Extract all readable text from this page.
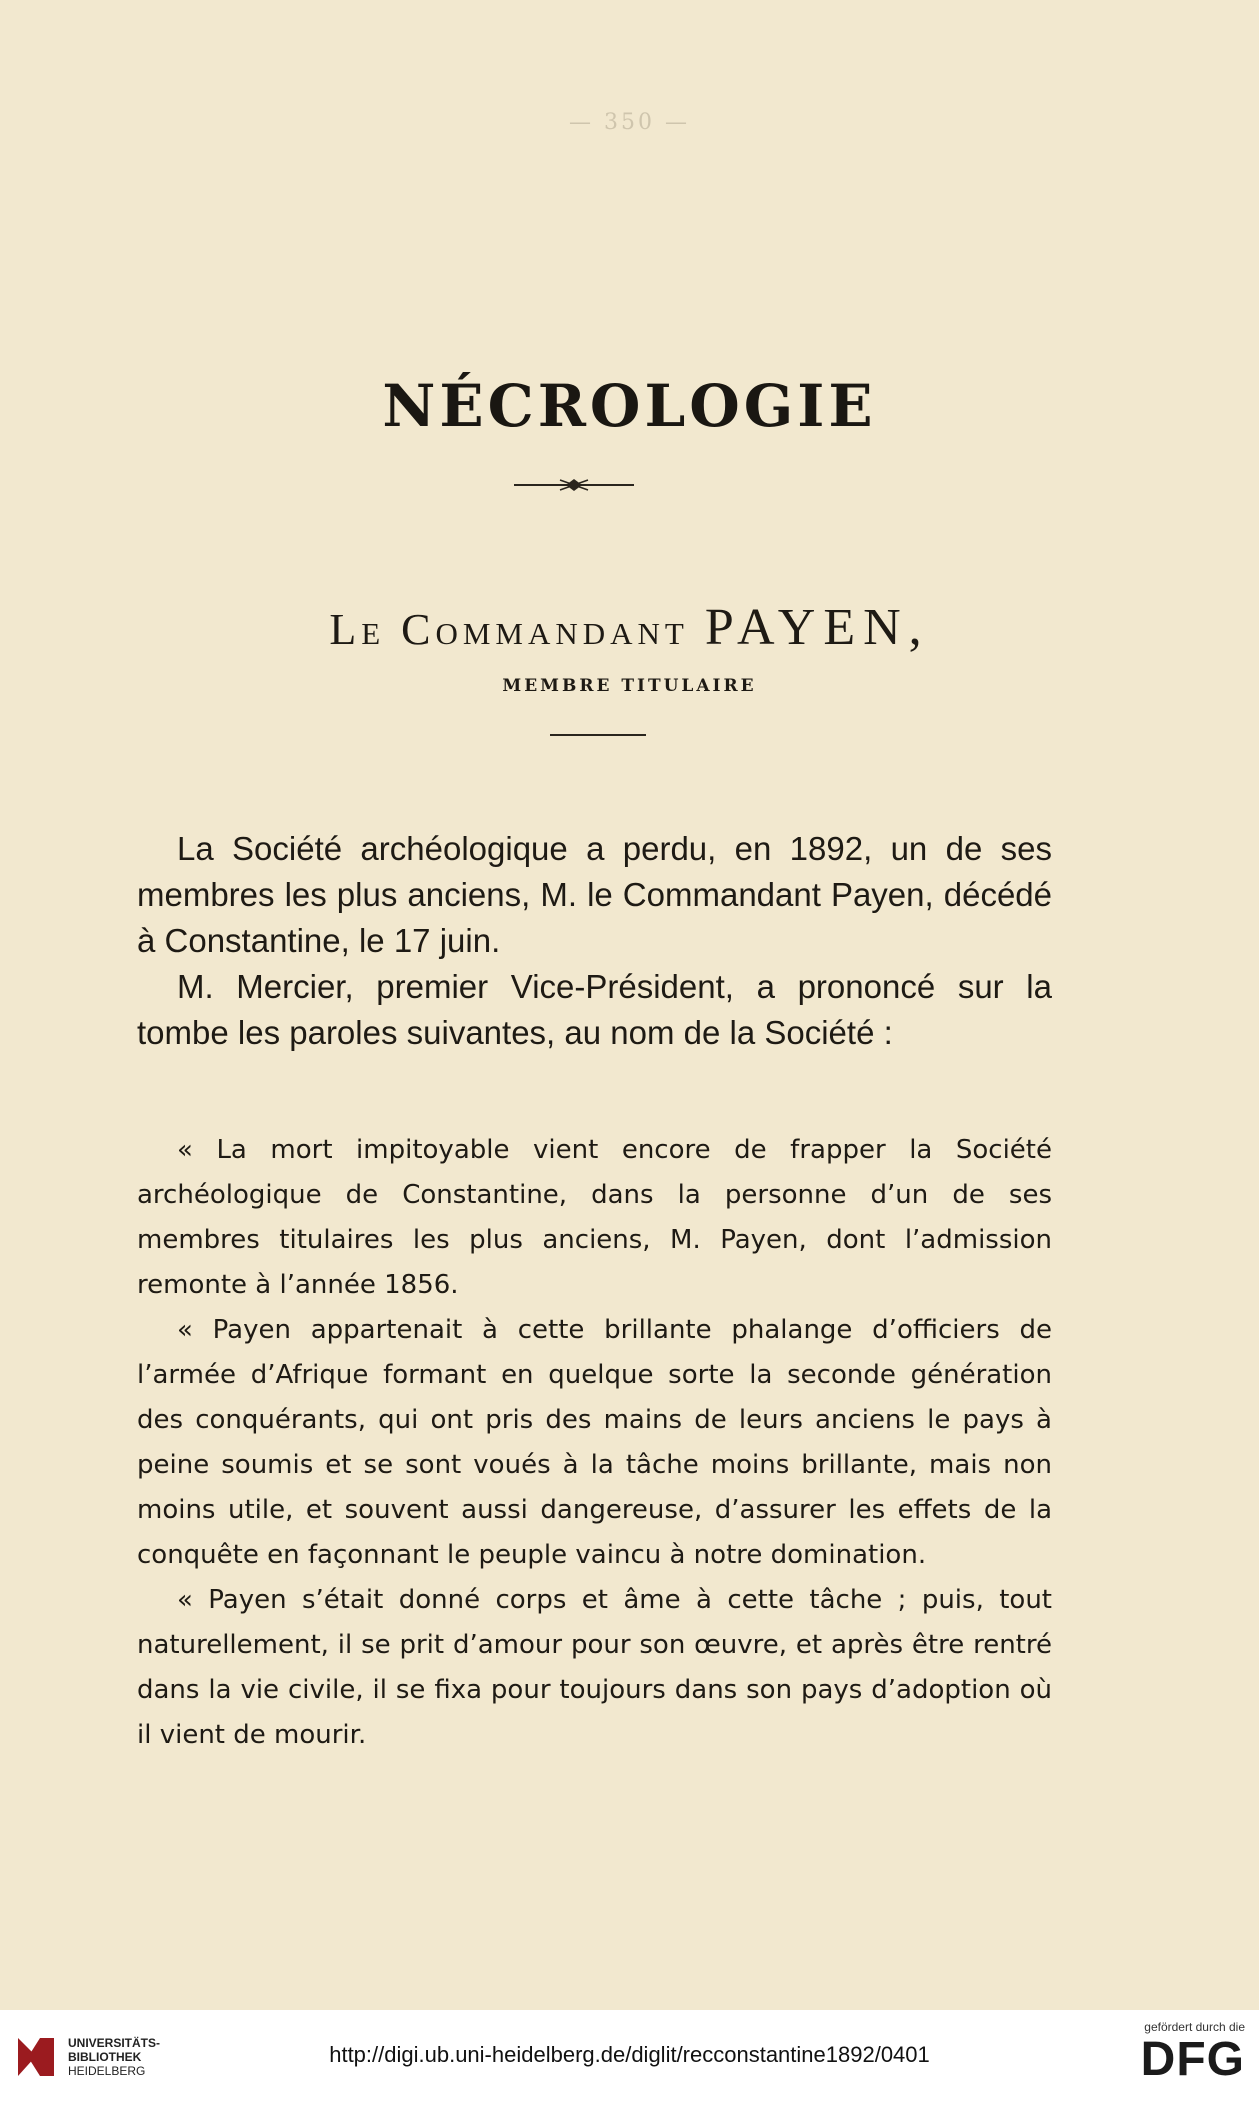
— 350 —
NÉCROLOGIE
Le Commandant PAYEN,
MEMBRE TITULAIRE

La Société archéologique a perdu, en 1892, un de ses membres les plus anciens, M. le Commandant Payen, décédé à Constantine, le 17 juin.

M. Mercier, premier Vice-Président, a prononcé sur la tombe les paroles suivantes, au nom de la Société :

« La mort impitoyable vient encore de frapper la Société archéologique de Constantine, dans la personne d’un de ses membres titulaires les plus anciens, M. Payen, dont l’admission remonte à l’année 1856.

« Payen appartenait à cette brillante phalange d’officiers de l’armée d’Afrique formant en quelque sorte la seconde génération des conquérants, qui ont pris des mains de leurs anciens le pays à peine soumis et se sont voués à la tâche moins brillante, mais non moins utile, et souvent aussi dangereuse, d’assurer les effets de la conquête en façonnant le peuple vaincu à notre domination.

« Payen s’était donné corps et âme à cette tâche ; puis, tout naturellement, il se prit d’amour pour son œuvre, et après être rentré dans la vie civile, il se fixa pour toujours dans son pays d’adoption où il vient de mourir.

UNIVERSITÄTS-
BIBLIOTHEK
HEIDELBERG
http://digi.ub.uni-heidelberg.de/diglit/recconstantine1892/0401
gefördert durch die
DFG
